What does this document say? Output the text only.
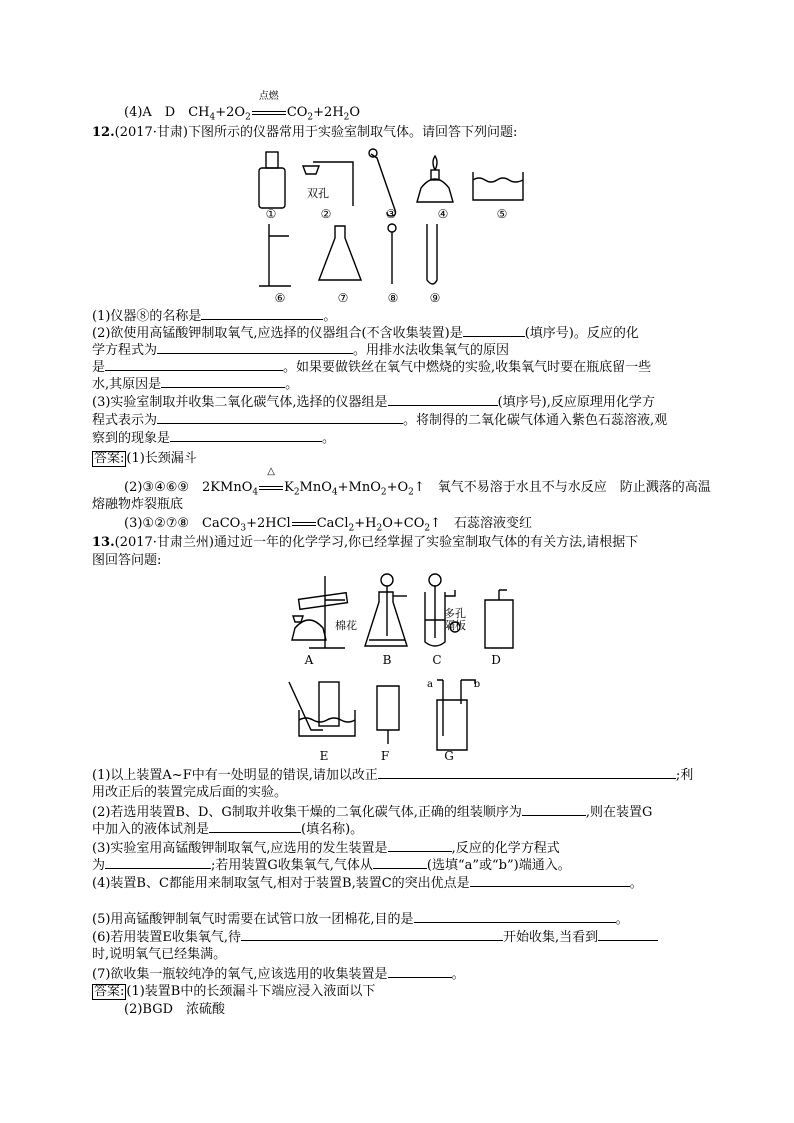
(4)A　D　$CH_4+2O_2$
点燃
$CO_2+2H_2O$
12.(2017·甘肃)下图所示的仪器常用于实验室制取气体。请回答下列问题:
①	②	③	④	⑤
⑥	⑦	⑧	⑨
双孔
(1)仪器⑧的名称是	。
(2)欲使用高锰酸钾制取氧气,应选择的仪器组合(不含收集装置)是	(填序号)。反应的化
学方程式为	。用排水法收集氧气的原因
是	。如果要做铁丝在氧气中燃烧的实验,收集氧气时要在瓶底留一些
水,其原因是	。
(3)实验室制取并收集二氧化碳气体,选择的仪器组是	(填序号),反应原理用化学方
程式表示为	。将制得的二氧化碳气体通入紫色石蕊溶液,观
察到的现象是	。
答案: (1)长颈漏斗
(2)③④⑥⑨　2KMnO$_4$
△
$K_2MnO_4+MnO_2+O_2↑$　氧气不易溶于水且不与水反应　防止溅落的高温
熔融物炸裂瓶底
(3)①②⑦⑧　CaCO$_3$+2HCl $CaCl_2+H_2O+CO_2↑$　石蕊溶液变红
13.(2017·甘肃兰州)通过近一年的化学学习,你已经掌握了实验室制取气体的有关方法,请根据下
图回答问题:
A	B	C	D
E	F	G
棉花
多孔
隔板
a	b
(1)以上装置A~F中有一处明显的错误,请加以改正	;利
用改正后的装置完成后面的实验。
(2)若选用装置B、D、G制取并收集干燥的二氧化碳气体,正确的组装顺序为	,则在装置G
中加入的液体试剂是	(填名称)。
(3)实验室用高锰酸钾制取氧气,应选用的发生装置是	,反应的化学方程式
为	;若用装置G收集氧气,气体从	(选填“a”或“b”)端通入。
(4)装置B、C都能用来制取氢气,相对于装置B,装置C的突出优点是	。
(5)用高锰酸钾制氧气时需要在试管口放一团棉花,目的是	。
(6)若用装置E收集氧气,待	开始收集,当看到
时,说明氧气已经集满。
(7)欲收集一瓶较纯净的氧气,应该选用的收集装置是	。
答案: (1)装置B中的长颈漏斗下端应浸入液面以下
(2)BGD　浓硫酸
